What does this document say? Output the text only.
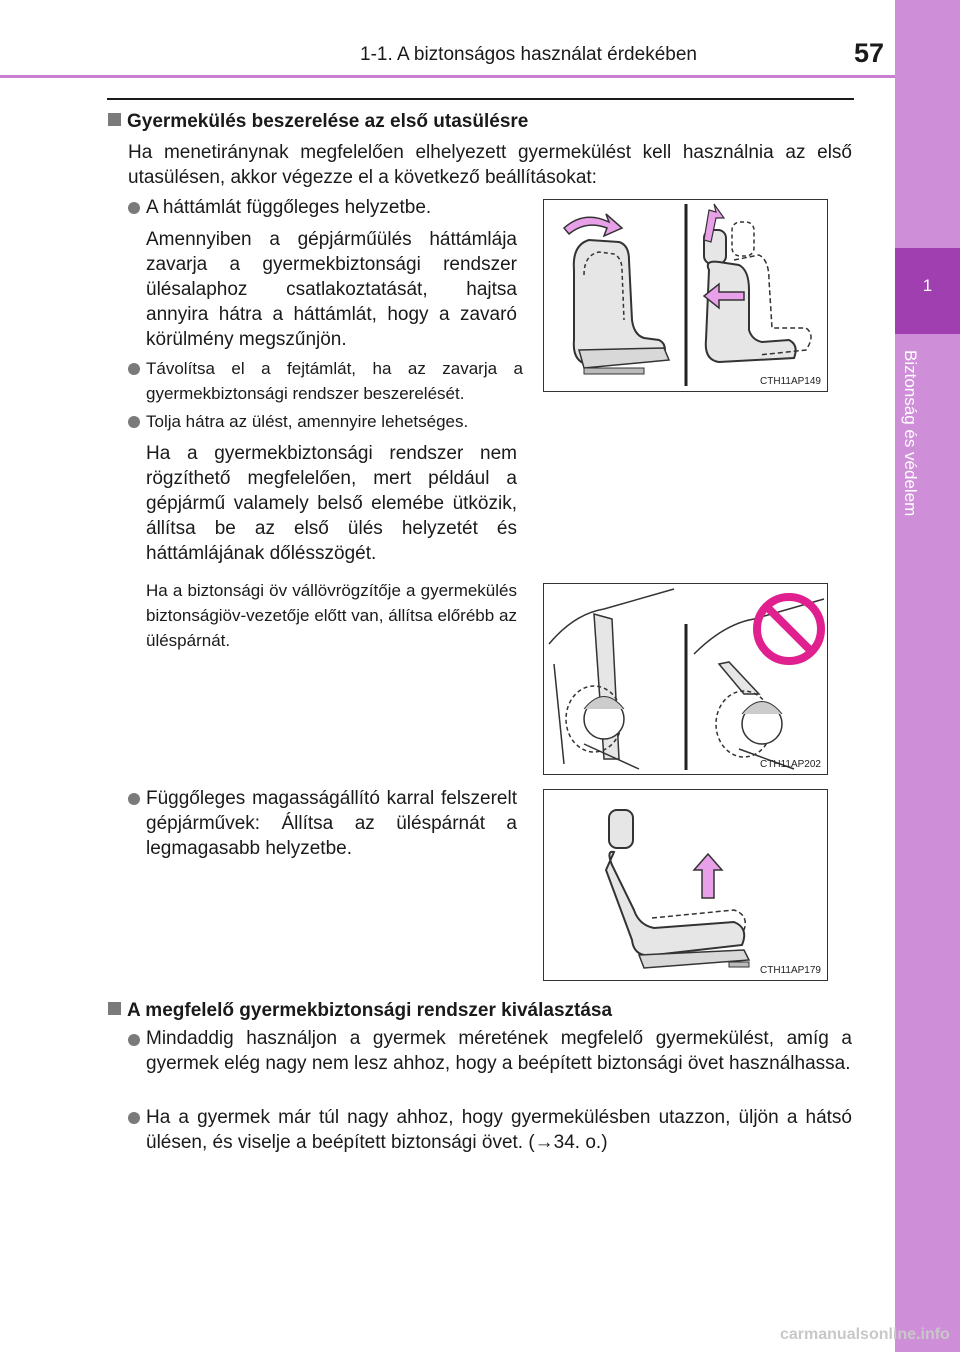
1-1. A biztonságos használat érdekében	57
1
Biztonság és védelem
Gyermekülés beszerelése az első utasülésre
Ha menetiránynak megfelelően elhelyezett gyermekülést kell használnia az első utasülésen, akkor végezze el a következő beállításokat:
A háttámlát függőleges helyzetbe.
Amennyiben a gépjárműülés háttámlája zavarja a gyermekbiztonsági rendszer ülésalaphoz csatlakoztatását, hajtsa annyira hátra a háttámlát, hogy a zavaró körülmény megszűnjön.
Távolítsa el a fejtámlát, ha az zavarja a gyermekbiztonsági rendszer beszerelését.
Tolja hátra az ülést, amennyire lehetséges.
Ha a gyermekbiztonsági rendszer nem rögzíthető megfelelően, mert például a gépjármű valamely belső elemébe ütközik, állítsa be az első ülés helyzetét és háttámlájának dőlésszögét.
Ha a biztonsági öv vállövrögzítője a gyermekülés biztonságiöv-vezetője előtt van, állítsa előrébb az üléspárnát.
Függőleges magasságállító karral felszerelt gépjárművek: Állítsa az üléspárnát a legmagasabb helyzetbe.
CTH11AP149
CTH11AP202
CTH11AP179
A megfelelő gyermekbiztonsági rendszer kiválasztása
Mindaddig használjon a gyermek méretének megfelelő gyermekülést, amíg a gyermek elég nagy nem lesz ahhoz, hogy a beépített biztonsági övet használhassa.
Ha a gyermek már túl nagy ahhoz, hogy gyermekülésben utazzon, üljön a hátsó ülésen, és viselje a beépített biztonsági övet. (→34. o.)
carmanualsonline.info
